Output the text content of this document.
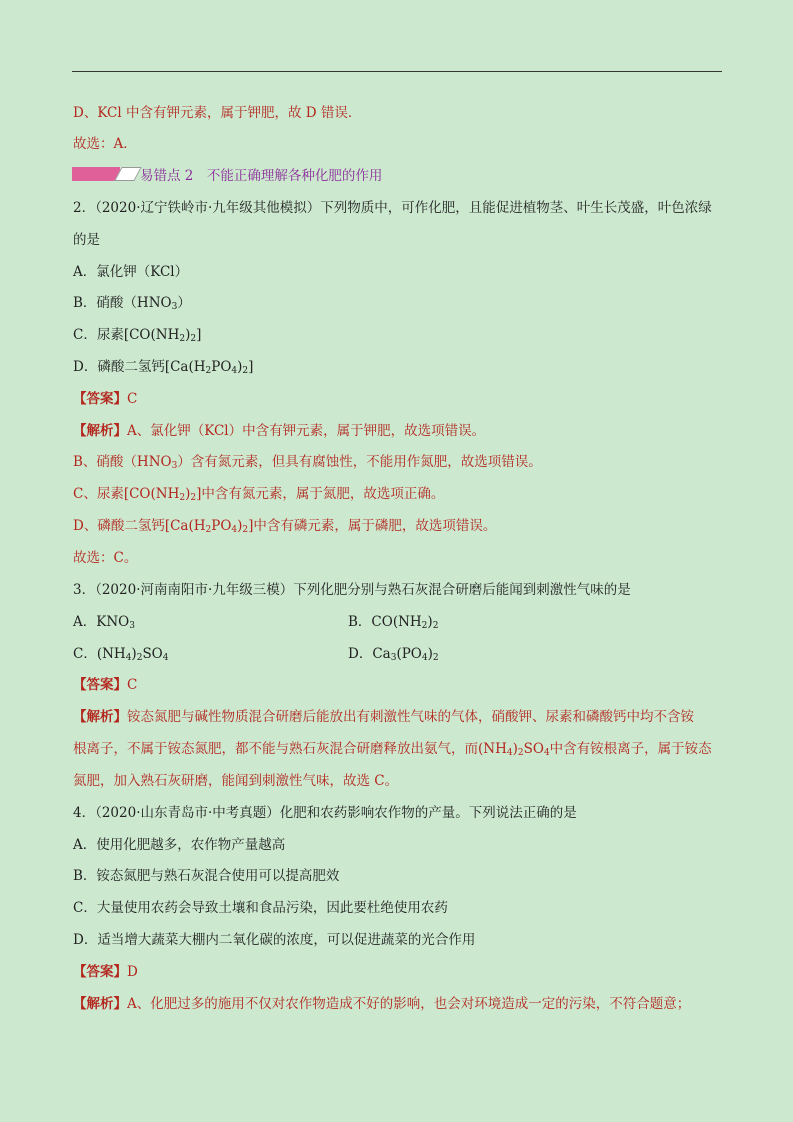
D、KCl 中含有钾元素，属于钾肥，故 D 错误．
故选：A．
易错点 2　不能正确理解各种化肥的作用
2．（2020·辽宁铁岭市·九年级其他模拟）下列物质中，可作化肥，且能促进植物茎、叶生长茂盛，叶色浓绿
的是
A．氯化钾（KCl）
B．硝酸$(HNO_3)$
C．尿素$[CO(NH_2)_2]$
D．磷酸二氢钙$[Ca(H_2PO_4)_2]$
【答案】C
【解析】A、氯化钾（KCl）中含有钾元素，属于钾肥，故选项错误。
B、硝酸$(HNO_3)$含有氮元素，但具有腐蚀性，不能用作氮肥，故选项错误。
C、尿素$[CO(NH_2)_2]$中含有氮元素，属于氮肥，故选项正确。
D、磷酸二氢钙$[Ca(H_2PO_4)_2]$中含有磷元素，属于磷肥，故选项错误。
故选：C。
3．（2020·河南南阳市·九年级三模）下列化肥分别与熟石灰混合研磨后能闻到刺激性气味的是
A．$KNO_3$	B．$CO(NH_2)_2$
C．$(NH_4)_2SO_4$	D．$Ca_3(PO_4)_2$
【答案】C
【解析】铵态氮肥与碱性物质混合研磨后能放出有刺激性气味的气体，硝酸钾、尿素和磷酸钙中均不含铵
根离子，不属于铵态氮肥，都不能与熟石灰混合研磨释放出氨气，而$(NH_4)_2SO_4$中含有铵根离子，属于铵态
氮肥，加入熟石灰研磨，能闻到刺激性气味，故选 C。
4．（2020·山东青岛市·中考真题）化肥和农药影响农作物的产量。下列说法正确的是
A．使用化肥越多，农作物产量越高
B．铵态氮肥与熟石灰混合使用可以提高肥效
C．大量使用农药会导致土壤和食品污染，因此要杜绝使用农药
D．适当增大蔬菜大棚内二氧化碳的浓度，可以促进蔬菜的光合作用
【答案】D
【解析】A、化肥过多的施用不仅对农作物造成不好的影响，也会对环境造成一定的污染，不符合题意；
